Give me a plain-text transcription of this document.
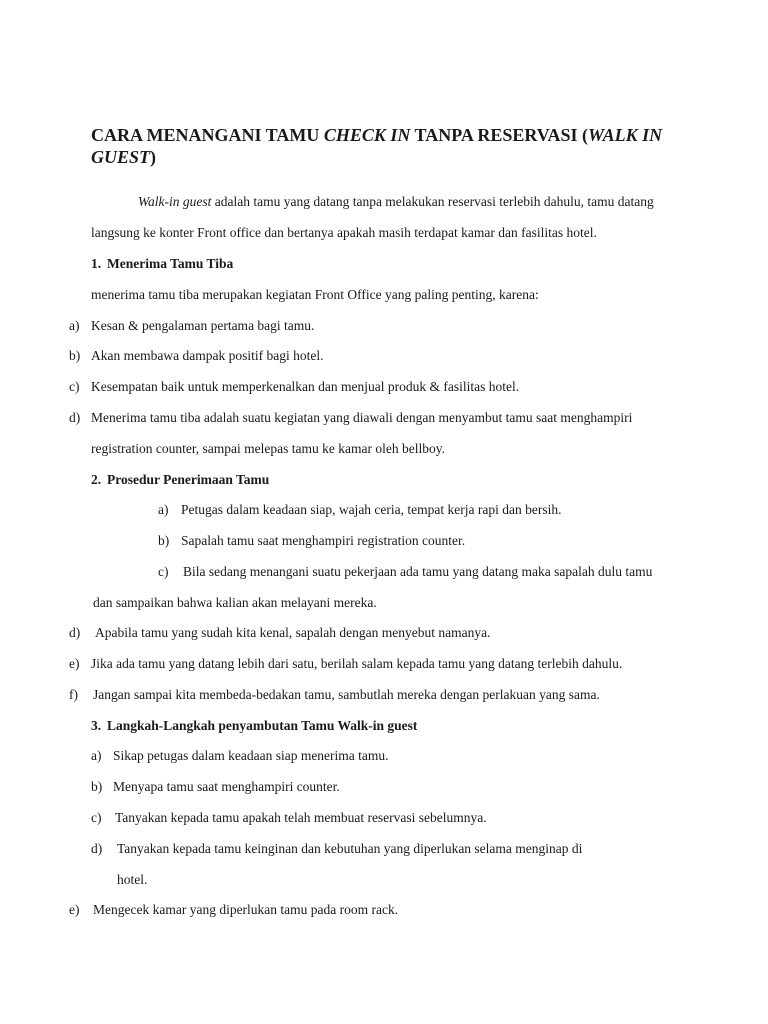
CARA MENANGANI TAMU CHECK IN TANPA RESERVASI (WALK IN GUEST)

Walk-in guest adalah tamu yang datang tanpa melakukan reservasi terlebih dahulu, tamu datang

langsung ke konter Front office dan bertanya apakah masih terdapat kamar dan fasilitas hotel.

1. Menerima Tamu Tiba

menerima tamu tiba merupakan kegiatan Front Office yang paling penting, karena:

a) Kesan & pengalaman pertama bagi tamu.

b) Akan membawa dampak positif bagi hotel.

c) Kesempatan baik untuk memperkenalkan dan menjual produk & fasilitas hotel.

d) Menerima tamu tiba adalah suatu kegiatan yang diawali dengan menyambut tamu saat menghampiri

registration counter, sampai melepas tamu ke kamar oleh bellboy.

2. Prosedur Penerimaan Tamu

a) Petugas dalam keadaan siap, wajah ceria, tempat kerja rapi dan bersih.

b) Sapalah tamu saat menghampiri registration counter.

c) Bila sedang menangani suatu pekerjaan ada tamu yang datang maka sapalah dulu tamu

dan sampaikan bahwa kalian akan melayani mereka.

d) Apabila tamu yang sudah kita kenal, sapalah dengan menyebut namanya.

e) Jika ada tamu yang datang lebih dari satu, berilah salam kepada tamu yang datang terlebih dahulu.

f) Jangan sampai kita membeda-bedakan tamu, sambutlah mereka dengan perlakuan yang sama.

3. Langkah-Langkah penyambutan Tamu Walk-in guest

a) Sikap petugas dalam keadaan siap menerima tamu.

b) Menyapa tamu saat menghampiri counter.

c) Tanyakan kepada tamu apakah telah membuat reservasi sebelumnya.

d) Tanyakan kepada tamu keinginan dan kebutuhan yang diperlukan selama menginap di

hotel.

e) Mengecek kamar yang diperlukan tamu pada room rack.
